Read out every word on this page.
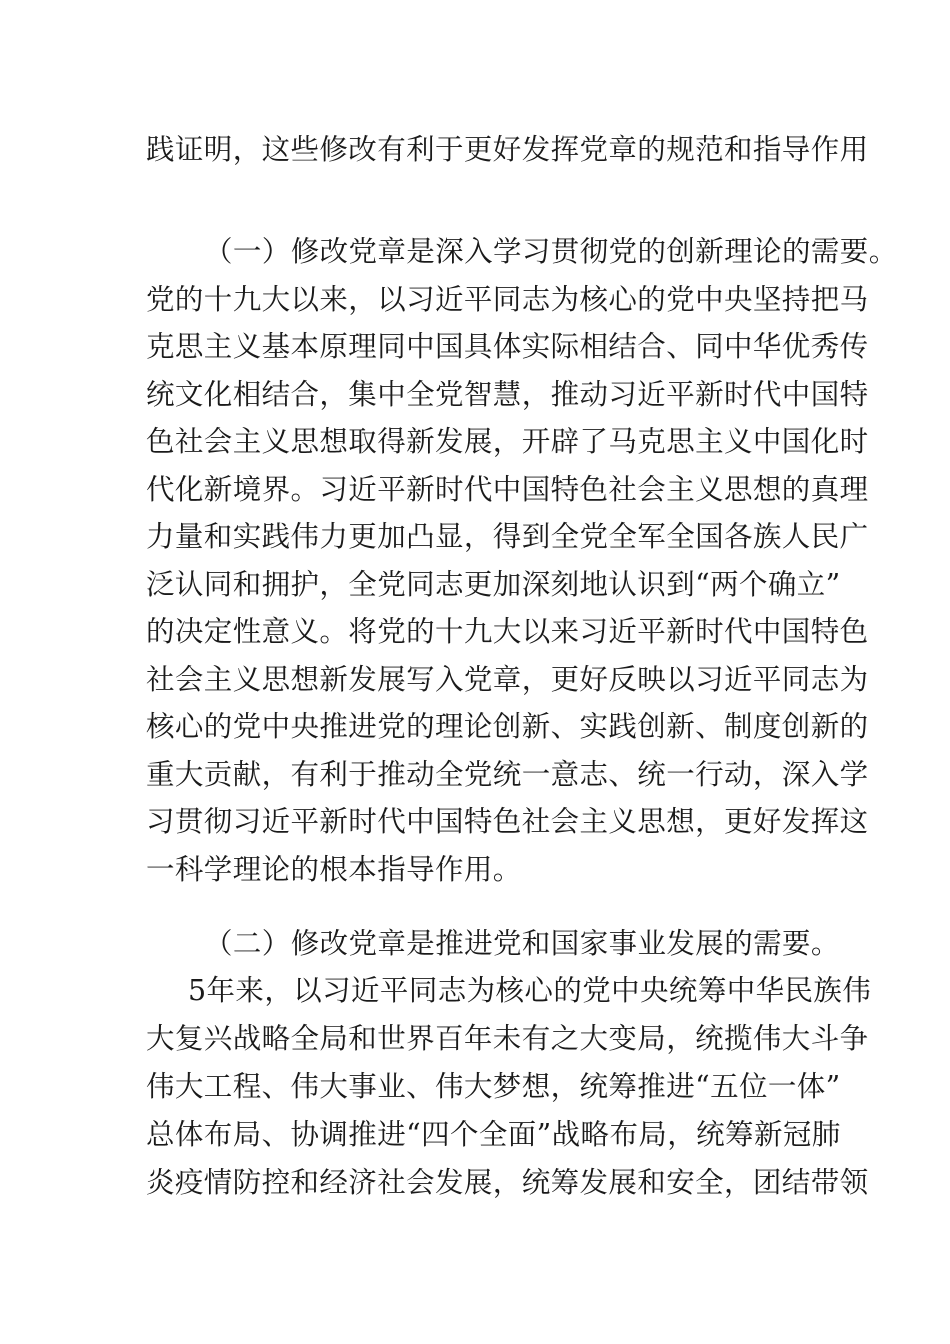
践证明，这些修改有利于更好发挥党章的规范和指导作用
（一）修改党章是深入学习贯彻党的创新理论的需要。
党的十九大以来，以习近平同志为核心的党中央坚持把马
克思主义基本原理同中国具体实际相结合、同中华优秀传
统文化相结合，集中全党智慧，推动习近平新时代中国特
色社会主义思想取得新发展，开辟了马克思主义中国化时
代化新境界。习近平新时代中国特色社会主义思想的真理
力量和实践伟力更加凸显，得到全党全军全国各族人民广
泛认同和拥护，全党同志更加深刻地认识到“两个确立”
的决定性意义。将党的十九大以来习近平新时代中国特色
社会主义思想新发展写入党章，更好反映以习近平同志为
核心的党中央推进党的理论创新、实践创新、制度创新的
重大贡献，有利于推动全党统一意志、统一行动，深入学
习贯彻习近平新时代中国特色社会主义思想，更好发挥这
一科学理论的根本指导作用。
（二）修改党章是推进党和国家事业发展的需要。
5年来，以习近平同志为核心的党中央统筹中华民族伟
大复兴战略全局和世界百年未有之大变局，统揽伟大斗争
伟大工程、伟大事业、伟大梦想，统筹推进“五位一体”
总体布局、协调推进“四个全面”战略布局，统筹新冠肺
炎疫情防控和经济社会发展，统筹发展和安全，团结带领
